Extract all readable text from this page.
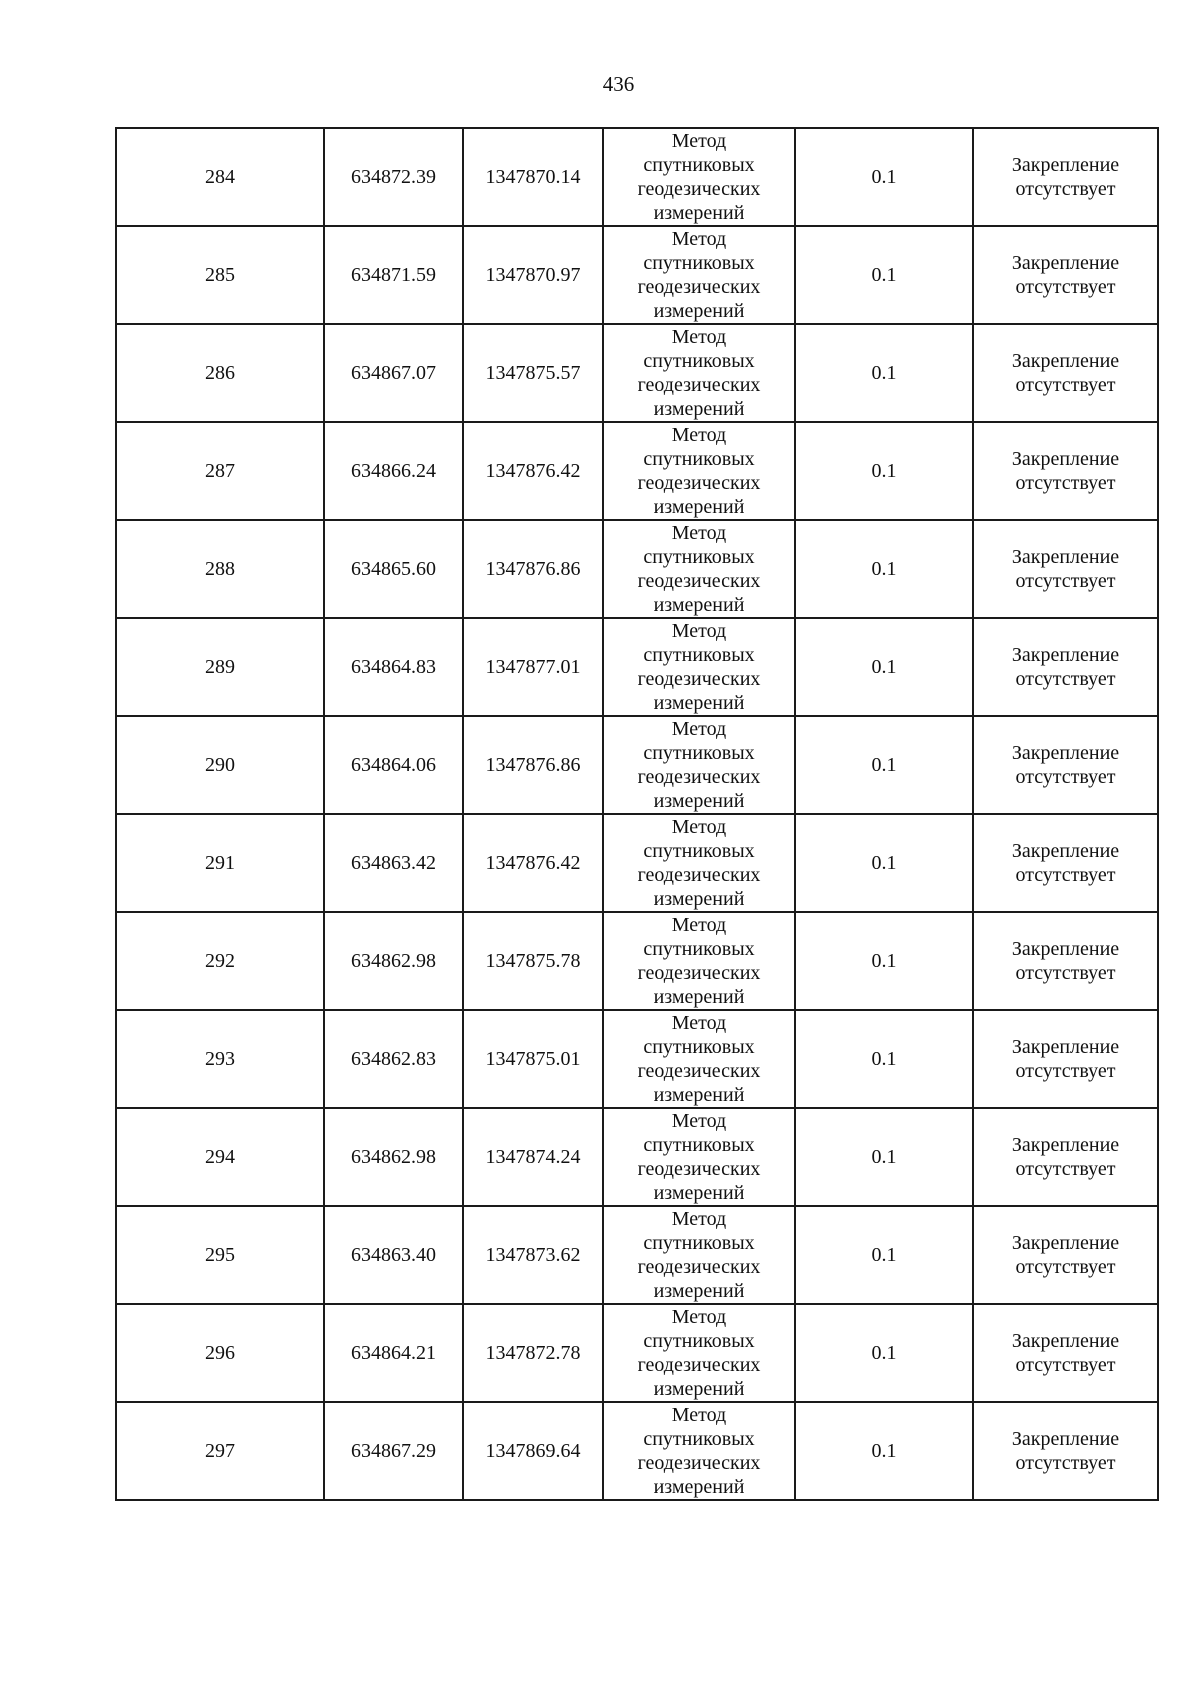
436
284	634872.39	1347870.14	Метод
спутниковых
геодезических
измерений	0.1	Закрепление
отсутствует

285	634871.59	1347870.97	Метод
спутниковых
геодезических
измерений	0.1	Закрепление
отсутствует

286	634867.07	1347875.57	Метод
спутниковых
геодезических
измерений	0.1	Закрепление
отсутствует

287	634866.24	1347876.42	Метод
спутниковых
геодезических
измерений	0.1	Закрепление
отсутствует

288	634865.60	1347876.86	Метод
спутниковых
геодезических
измерений	0.1	Закрепление
отсутствует

289	634864.83	1347877.01	Метод
спутниковых
геодезических
измерений	0.1	Закрепление
отсутствует

290	634864.06	1347876.86	Метод
спутниковых
геодезических
измерений	0.1	Закрепление
отсутствует

291	634863.42	1347876.42	Метод
спутниковых
геодезических
измерений	0.1	Закрепление
отсутствует

292	634862.98	1347875.78	Метод
спутниковых
геодезических
измерений	0.1	Закрепление
отсутствует

293	634862.83	1347875.01	Метод
спутниковых
геодезических
измерений	0.1	Закрепление
отсутствует

294	634862.98	1347874.24	Метод
спутниковых
геодезических
измерений	0.1	Закрепление
отсутствует

295	634863.40	1347873.62	Метод
спутниковых
геодезических
измерений	0.1	Закрепление
отсутствует

296	634864.21	1347872.78	Метод
спутниковых
геодезических
измерений	0.1	Закрепление
отсутствует

297	634867.29	1347869.64	Метод
спутниковых
геодезических
измерений	0.1	Закрепление
отсутствует
